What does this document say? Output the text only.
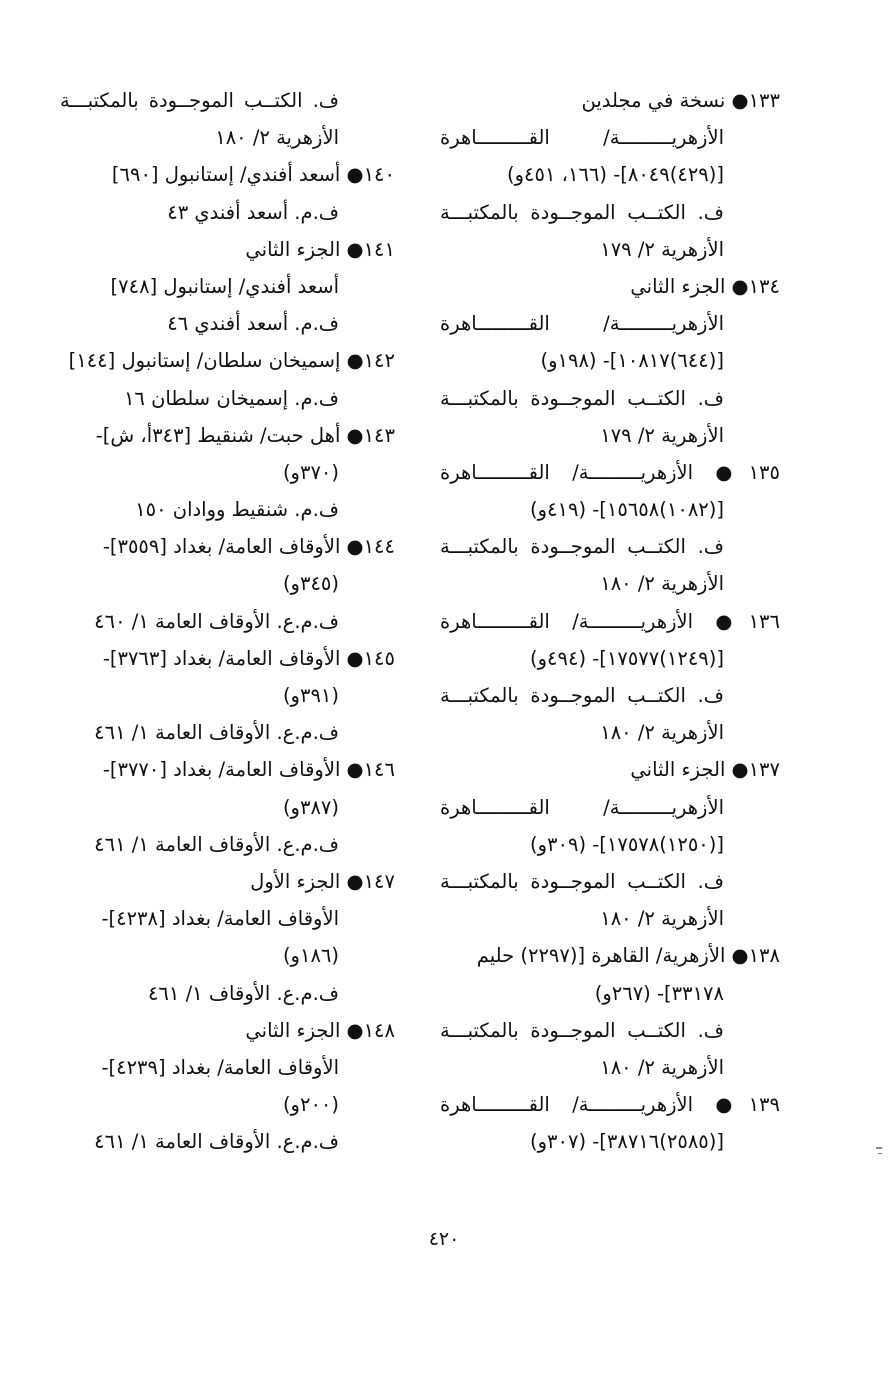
١٣٣● نسخة في مجلدين
الأزهريـــــــــة/ القـــــــــاهرة
[(٤٢٩)٨٠٤٩]- (١٦٦، ٤٥١و)
ف. الكتــب الموجــودة بالمكتبـــة
الأزهرية ٢/ ١٧٩
١٣٤● الجزء الثاني
الأزهريـــــــــة/ القـــــــــاهرة
[(٦٤٤)١٠٨١٧]- (١٩٨و)
ف. الكتــب الموجــودة بالمكتبـــة
الأزهرية ٢/ ١٧٩
١٣٥● الأزهريـــــــــة/ القـــــــــاهرة
[(١٠٨٢)١٥٦٥٨]- (٤١٩و)
ف. الكتــب الموجــودة بالمكتبـــة
الأزهرية ٢/ ١٨٠
١٣٦● الأزهريـــــــــة/ القـــــــــاهرة
[(١٢٤٩)١٧٥٧٧]- (٤٩٤و)
ف. الكتــب الموجــودة بالمكتبـــة
الأزهرية ٢/ ١٨٠
١٣٧● الجزء الثاني
الأزهريـــــــــة/ القـــــــــاهرة
[(١٢٥٠)١٧٥٧٨]- (٣٠٩و)
ف. الكتــب الموجــودة بالمكتبـــة
الأزهرية ٢/ ١٨٠
١٣٨● الأزهرية/ القاهرة [(٢٢٩٧) حليم
٣٣١٧٨]- (٢٦٧و)
ف. الكتــب الموجــودة بالمكتبـــة
الأزهرية ٢/ ١٨٠
١٣٩● الأزهريـــــــــة/ القـــــــــاهرة
[(٢٥٨٥)٣٨٧١٦]- (٣٠٧و)
ف. الكتــب الموجــودة بالمكتبـــة
الأزهرية ٢/ ١٨٠
١٤٠● أسعد أفندي/ إستانبول [٦٩٠]
ف.م. أسعد أفندي ٤٣
١٤١● الجزء الثاني
أسعد أفندي/ إستانبول [٧٤٨]
ف.م. أسعد أفندي ٤٦
١٤٢● إسميخان سلطان/ إستانبول [١٤٤]
ف.م. إسميخان سلطان ١٦
١٤٣● أهل حبت/ شنقيط [٣٤٣أ، ش]-
(٣٧٠و)
ف.م. شنقيط ووادان ١٥٠
١٤٤● الأوقاف العامة/ بغداد [٣٥٥٩]-
(٣٤٥و)
ف.م.ع. الأوقاف العامة ١/ ٤٦٠
١٤٥● الأوقاف العامة/ بغداد [٣٧٦٣]-
(٣٩١و)
ف.م.ع. الأوقاف العامة ١/ ٤٦١
١٤٦● الأوقاف العامة/ بغداد [٣٧٧٠]-
(٣٨٧و)
ف.م.ع. الأوقاف العامة ١/ ٤٦١
١٤٧● الجزء الأول
الأوقاف العامة/ بغداد [٤٢٣٨]-
(١٨٦و)
ف.م.ع. الأوقاف ١/ ٤٦١
١٤٨● الجزء الثاني
الأوقاف العامة/ بغداد [٤٢٣٩]-
(٢٠٠و)
ف.م.ع. الأوقاف العامة ١/ ٤٦١
٤٢٠
